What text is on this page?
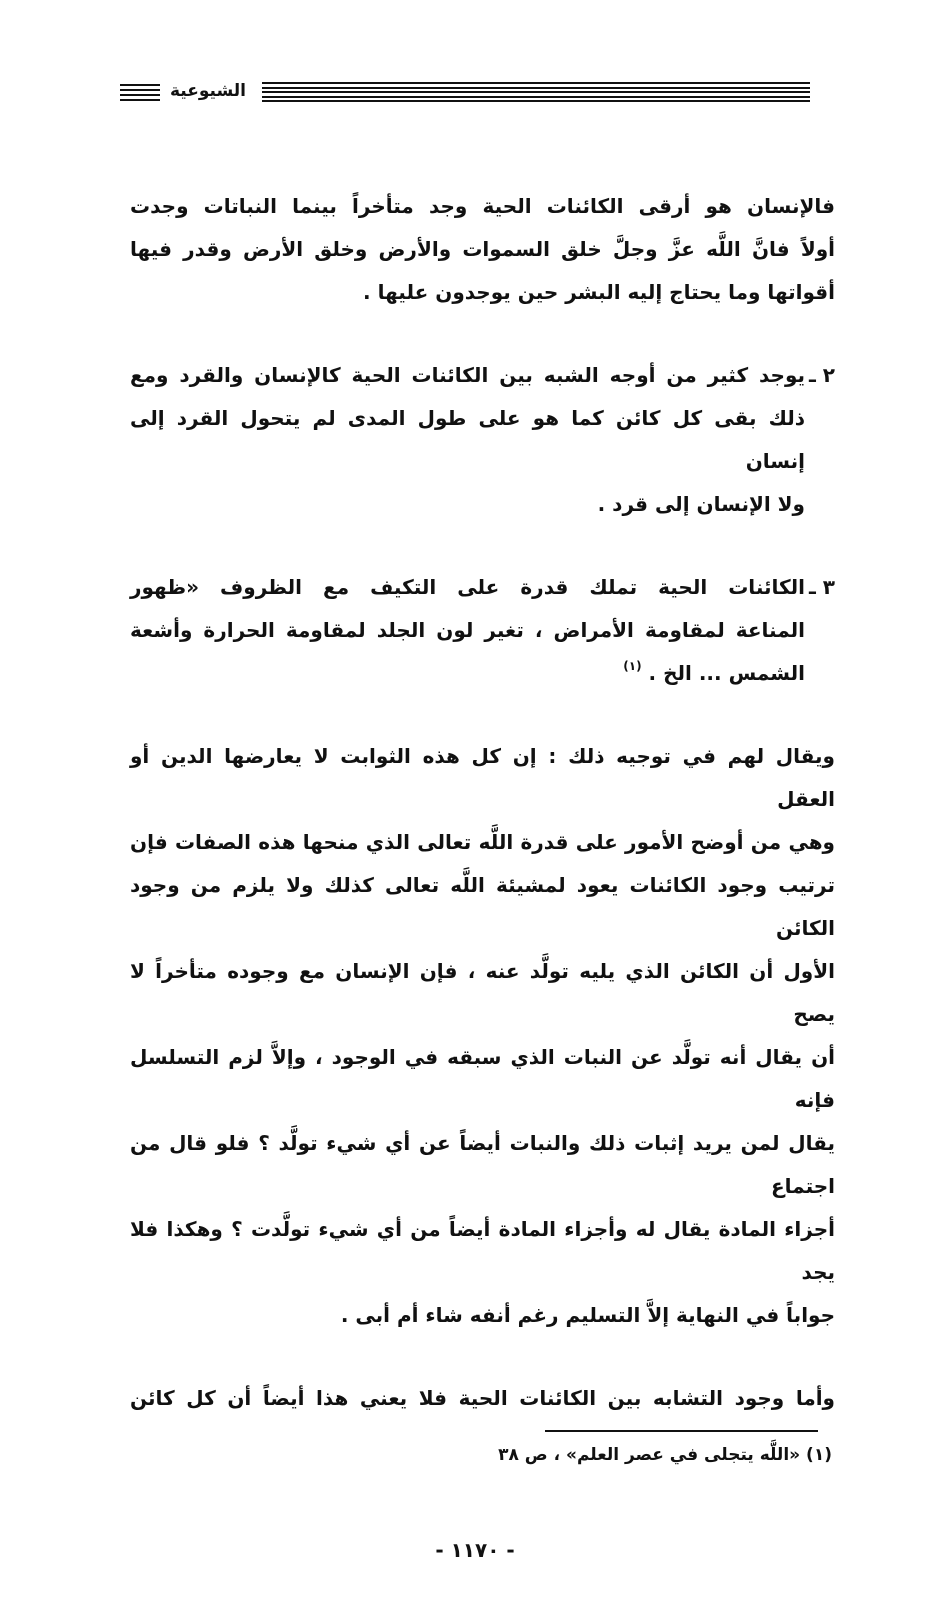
الشيوعية
فالإنسان هو أرقى الكائنات الحية وجد متأخراً بينما النباتات وجدت
أولاً فانَّ اللَّه عزَّ وجلَّ خلق السموات والأرض وخلق الأرض وقدر فيها
أقواتها وما يحتاج إليه البشر حين يوجدون عليها .
٢ ـ
يوجد كثير من أوجه الشبه بين الكائنات الحية كالإنسان والقرد ومع
ذلك بقى كل كائن كما هو على طول المدى لم يتحول القرد إلى إنسان
ولا الإنسان إلى قرد .
٣ ـ
الكائنات الحية تملك قدرة على التكيف مع الظروف «ظهور
المناعة لمقاومة الأمراض ، تغير لون الجلد لمقاومة الحرارة وأشعة
الشمس ... الخ . $^{(١)}$
ويقال لهم في توجيه ذلك : إن كل هذه الثوابت لا يعارضها الدين أو العقل
وهي من أوضح الأمور على قدرة اللَّه تعالى الذي منحها هذه الصفات فإن
ترتيب وجود الكائنات يعود لمشيئة اللَّه تعالى كذلك ولا يلزم من وجود الكائن
الأول أن الكائن الذي يليه تولَّد عنه ، فإن الإنسان مع وجوده متأخراً لا يصح
أن يقال أنه تولَّد عن النبات الذي سبقه في الوجود ، وإلاَّ لزم التسلسل فإنه
يقال لمن يريد إثبات ذلك والنبات أيضاً عن أي شيء تولَّد ؟ فلو قال من اجتماع
أجزاء المادة يقال له وأجزاء المادة أيضاً من أي شيء تولَّدت ؟ وهكذا فلا يجد
جواباً في النهاية إلاَّ التسليم رغم أنفه شاء أم أبى .
وأما وجود التشابه بين الكائنات الحية فلا يعني هذا أيضاً أن كل كائن
(١) «اللَّه يتجلى في عصر العلم» ، ص ٣٨
- ١١٧٠ -
